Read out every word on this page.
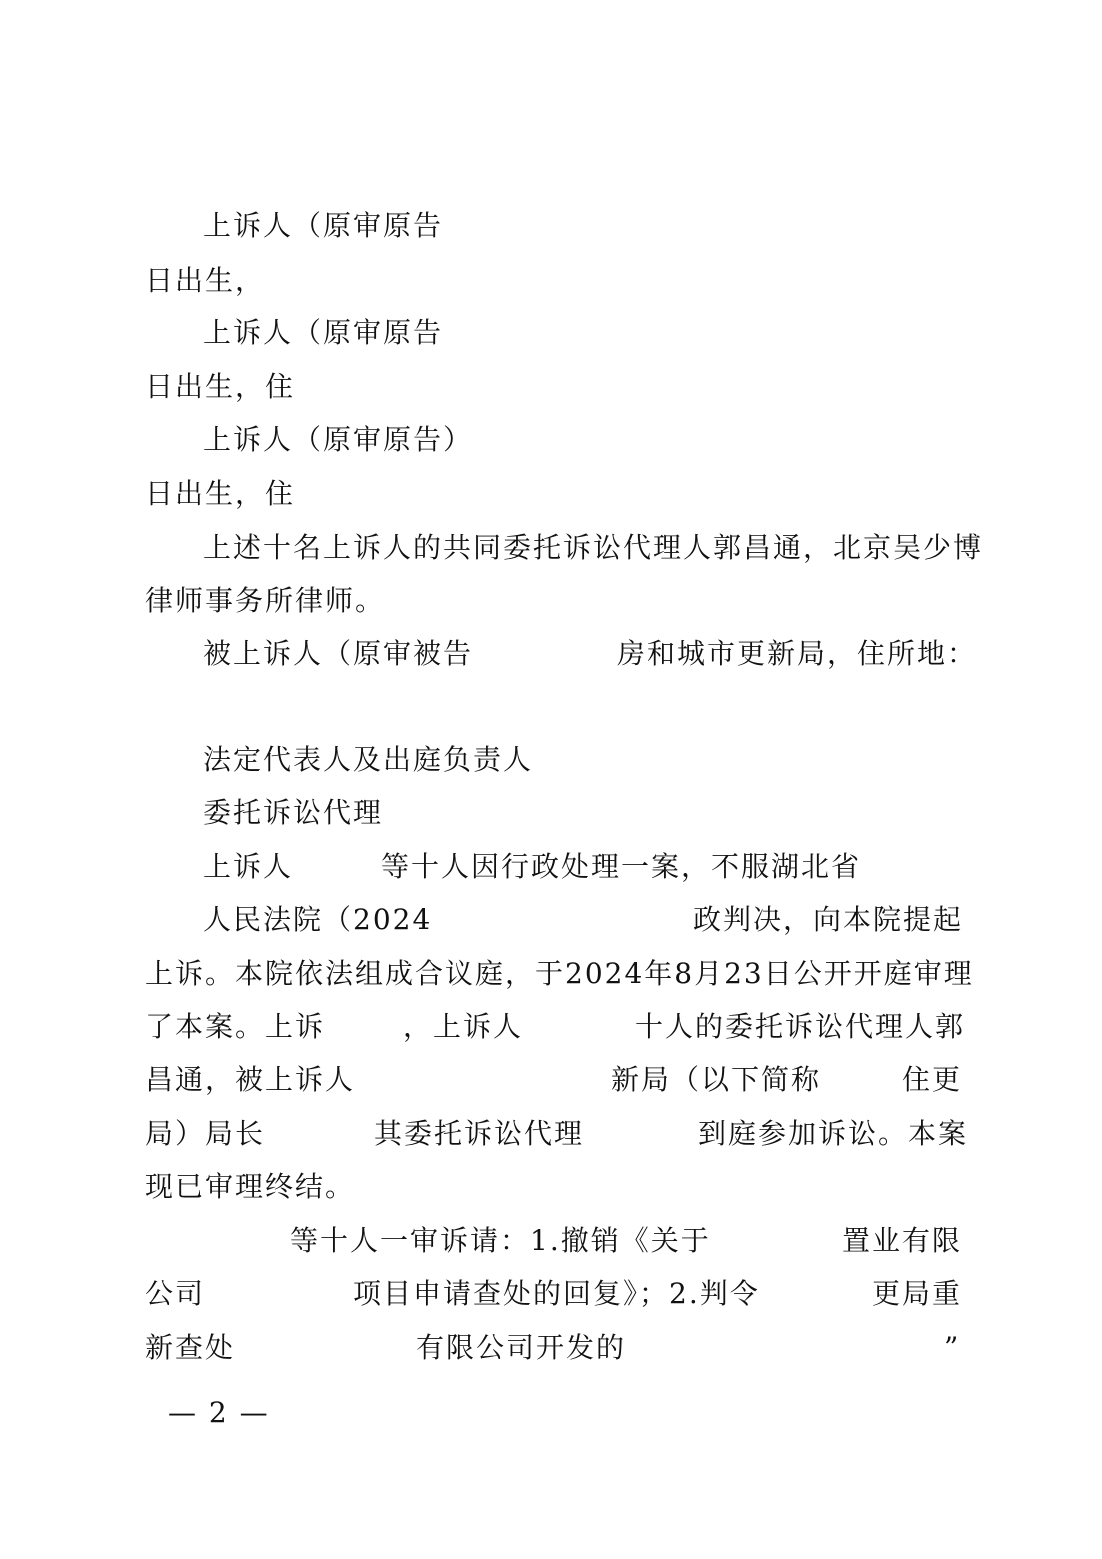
上诉人（原审原告
日出生，
上诉人（原审原告
日出生，住
上诉人（原审原告）
日出生，住
上述十名上诉人的共同委托诉讼代理人郭昌通，北京吴少博
律师事务所律师。
被上诉人（原审被告	房和城市更新局，住所地：
法定代表人及出庭负责人
委托诉讼代理
上诉人	等十人因行政处理一案，不服湖北省
人民法院（2024	政判决，向本院提起
上诉。本院依法组成合议庭，于2024年8月23日公开开庭审理
了本案。上诉	，上诉人	十人的委托诉讼代理人郭
昌通，被上诉人	新局（以下简称	住更
局）局长	其委托诉讼代理	到庭参加诉讼。本案
现已审理终结。
等十人一审诉请：1.撤销《关于	置业有限
公司	项目申请查处的回复》；2.判令	更局重
新查处	有限公司开发的	”
— 2 —
